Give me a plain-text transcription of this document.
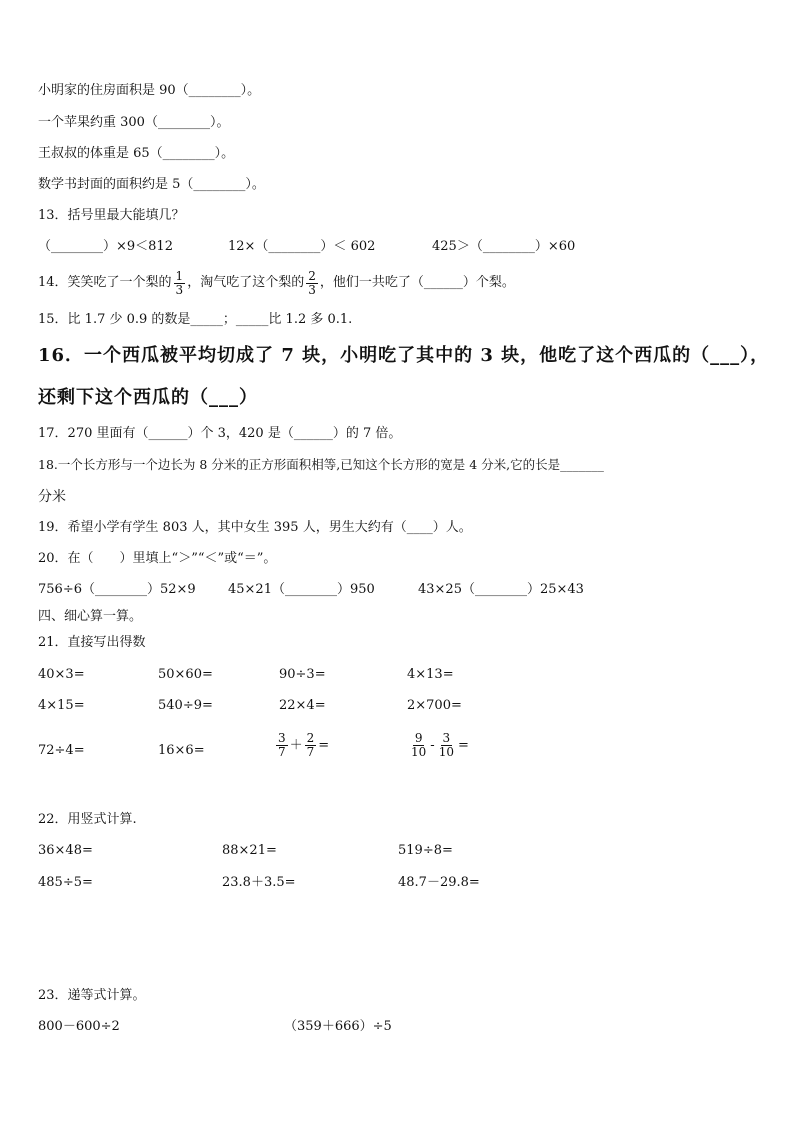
小明家的住房面积是 90（________）。
一个苹果约重 300（________）。
王叔叔的体重是 65（________）。
数学书封面的面积约是 5（________）。
13．括号里最大能填几？
（________）×9＜812	12×（________）＜ 602	425＞（________）×60
14．笑笑吃了一个梨的 $\frac{1}{3}$ ，淘气吃了这个梨的 $\frac{2}{3}$ ，他们一共吃了（______）个梨。
15．比 1.7 少 0.9 的数是_____；_____比 1.2 多 0.1.
16．一个西瓜被平均切成了 7 块，小明吃了其中的 3 块，他吃了这个西瓜的（___），
还剩下这个西瓜的（___）
17．270 里面有（______）个 3，420 是（______）的 7 倍。
18.一个长方形与一个边长为 8 分米的正方形面积相等,已知这个长方形的宽是 4 分米,它的长是_______
分米
19．希望小学有学生 803 人，其中女生 395 人，男生大约有（____）人。
20．在（　　）里填上“＞”“＜”或“＝”。
756÷6（________）52×9 45×21（________）950	43×25（________）25×43
四、细心算一算。
21．直接写出得数
40×3=	50×60=	90÷3=	4×13=
4×15=	540÷9=	22×4=	2×700=
72÷4=	16×6=	$\frac{3}{7} + \frac{2}{7}$ =	$\frac{9}{10} - \frac{3}{10}$ =
22．用竖式计算.
36×48=	88×21=	519÷8=
485÷5=	23.8＋3.5=	48.7－29.8=
23．递等式计算。
800－600÷2	（359＋666）÷5
